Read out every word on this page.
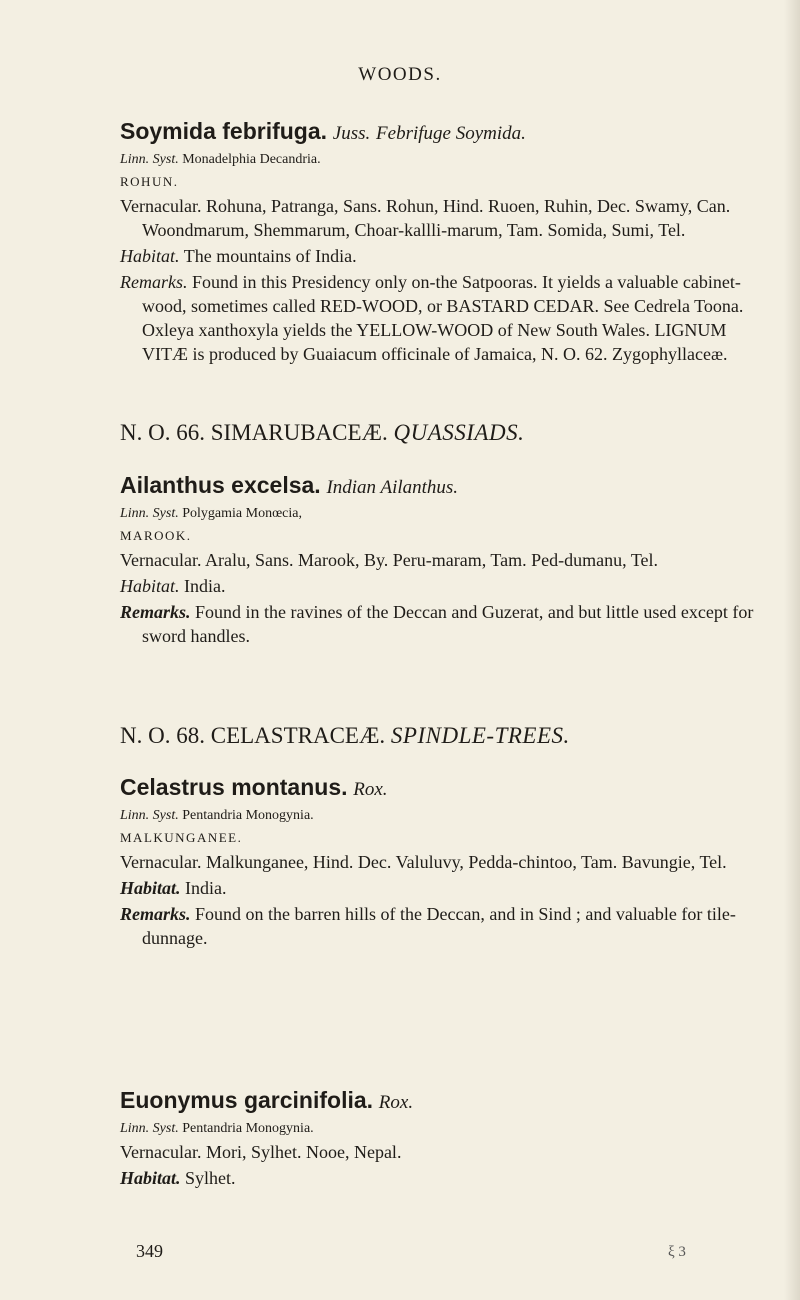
WOODS.
Soymida febrifuga. Juss. Febrifuge Soymida.
Linn. Syst. Monadelphia Decandria.
ROHUN.
Vernacular. Rohuna, Patranga, Sans. Rohun, Hind. Ruoen, Ruhin, Dec. Swamy, Can. Woondmarum, Shemmarum, Choar-kallli-marum, Tam. Somida, Sumi, Tel.
Habitat. The mountains of India.
Remarks. Found in this Presidency only on-the Satpooras. It yields a valuable cabinet-wood, sometimes called RED-WOOD, or BASTARD CEDAR. See Cedrela Toona. Oxleya xanthoxyla yields the YELLOW-WOOD of New South Wales. LIGNUM VITÆ is produced by Guaiacum officinale of Jamaica, N. O. 62. Zygophyllaceæ.
N. O. 66. SIMARUBACEÆ. QUASSIADS.
Ailanthus excelsa. Indian Ailanthus.
Linn. Syst. Polygamia Monœcia,
MAROOK.
Vernacular. Aralu, Sans. Marook, By. Peru-maram, Tam. Ped-dumanu, Tel.
Habitat. India.
Remarks. Found in the ravines of the Deccan and Guzerat, and but little used except for sword handles.
N. O. 68. CELASTRACEÆ. SPINDLE-TREES.
Celastrus montanus. Rox.
Linn. Syst. Pentandria Monogynia.
MALKUNGANEE.
Vernacular. Malkunganee, Hind. Dec. Valuluvy, Pedda-chintoo, Tam. Bavungie, Tel.
Habitat. India.
Remarks. Found on the barren hills of the Deccan, and in Sind ; and valuable for tile-dunnage.
Euonymus garcinifolia. Rox.
Linn. Syst. Pentandria Monogynia.
Vernacular. Mori, Sylhet. Nooe, Nepal.
Habitat. Sylhet.
349	ξ 3
